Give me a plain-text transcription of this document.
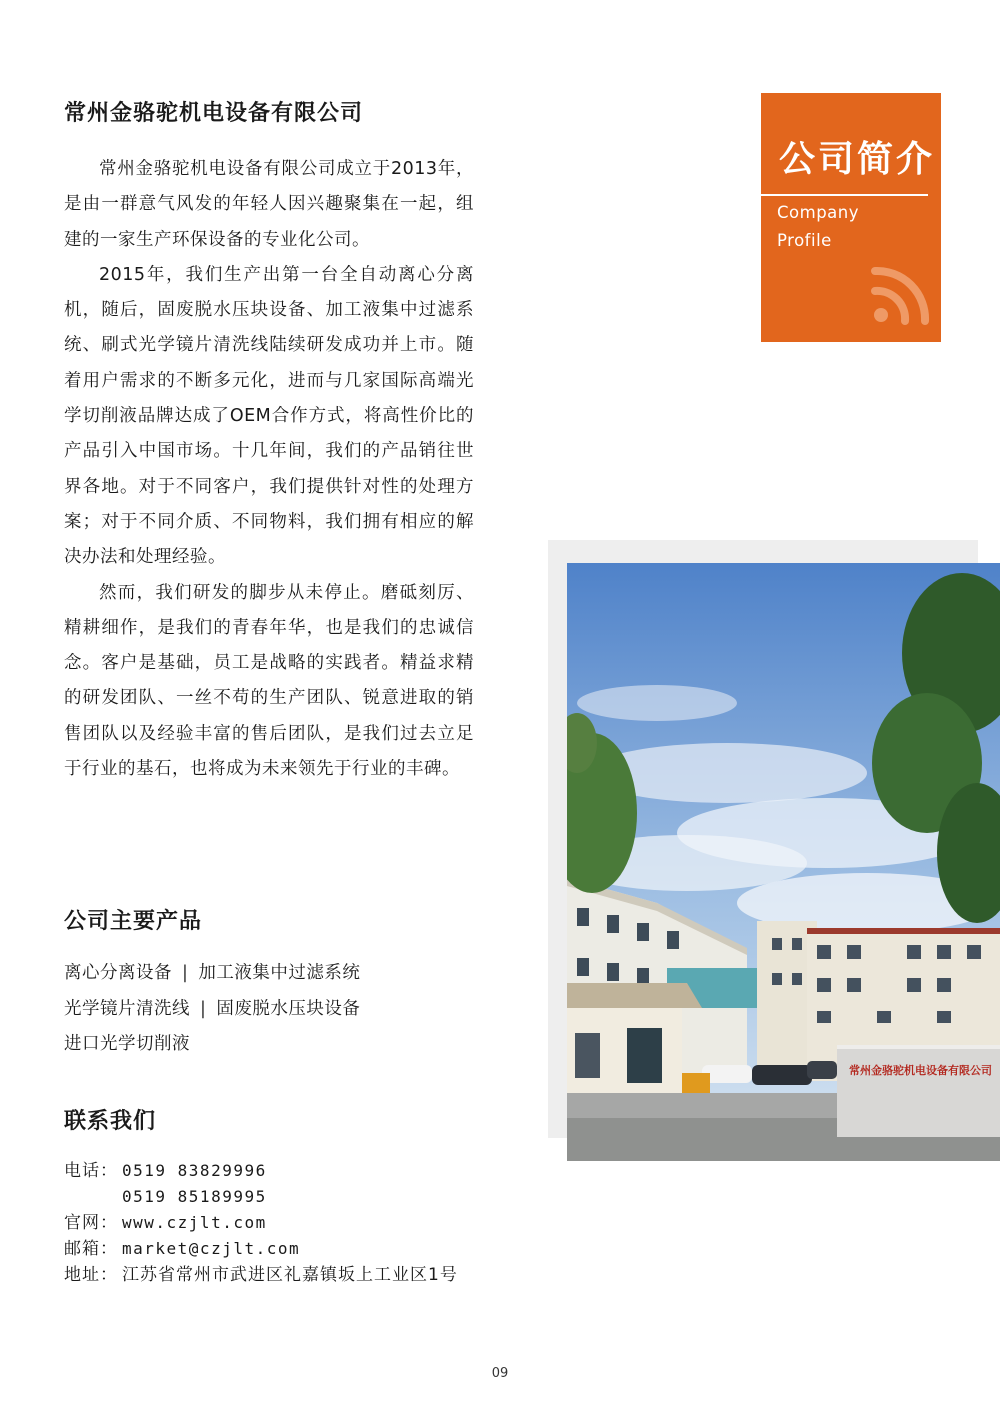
常州金骆驼机电设备有限公司

常州金骆驼机电设备有限公司成立于2013年，是由一群意气风发的年轻人因兴趣聚集在一起，组建的一家生产环保设备的专业化公司。

2015年，我们生产出第一台全自动离心分离机，随后，固废脱水压块设备、加工液集中过滤系统、刷式光学镜片清洗线陆续研发成功并上市。随着用户需求的不断多元化，进而与几家国际高端光学切削液品牌达成了OEM合作方式，将高性价比的产品引入中国市场。十几年间，我们的产品销往世界各地。对于不同客户，我们提供针对性的处理方案；对于不同介质、不同物料，我们拥有相应的解决办法和处理经验。

然而，我们研发的脚步从未停止。磨砥刻厉、精耕细作，是我们的青春年华，也是我们的忠诚信念。客户是基础，员工是战略的实践者。精益求精的研发团队、一丝不苟的生产团队、锐意进取的销售团队以及经验丰富的售后团队，是我们过去立足于行业的基石，也将成为未来领先于行业的丰碑。

公司简介
Company
Profile
常州金骆驼机电设备有限公司
公司主要产品
离心分离设备 | 加工液集中过滤系统
光学镜片清洗线 | 固废脱水压块设备
进口光学切削液
联系我们
电话： 0519 83829996
0519 85189995
官网： www.czjlt.com
邮箱： market@czjlt.com
地址： 江苏省常州市武进区礼嘉镇坂上工业区1号
09
